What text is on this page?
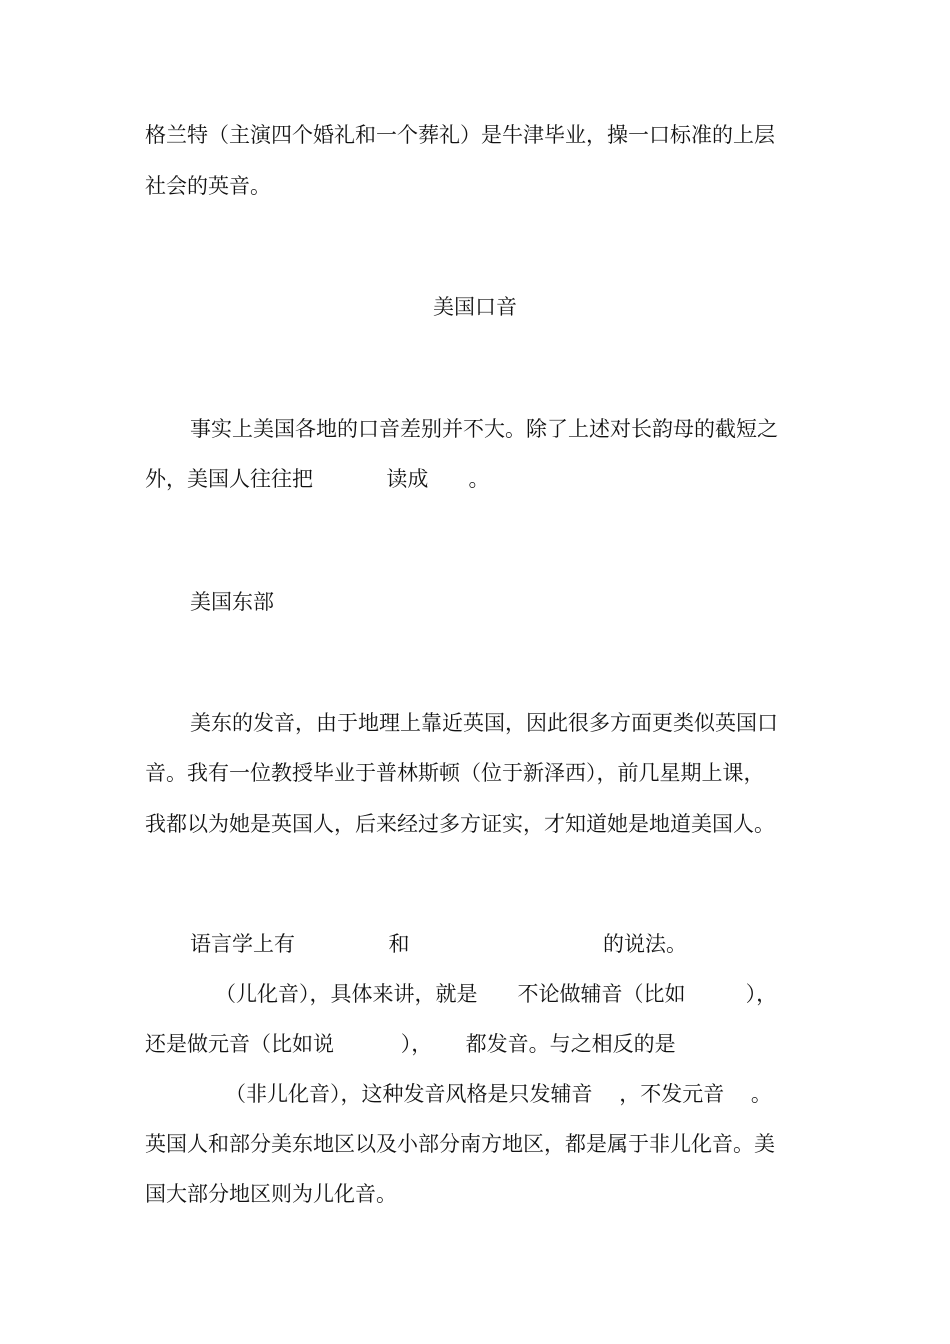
格兰特（主演四个婚礼和一个葬礼）是牛津毕业，操一口标准的上层

社会的英音。

美国口音

事实上美国各地的口音差别并不大。除了上述对长韵母的截短之

外，美国人往往把           读成      。

美国东部

美东的发音，由于地理上靠近英国，因此很多方面更类似英国口

音。我有一位教授毕业于普林斯顿（位于新泽西），前几星期上课，

我都以为她是英国人，后来经过多方证实，才知道她是地道美国人。

语言学上有              和                             的说法。

（儿化音），具体来讲，就是      不论做辅音（比如         ），

还是做元音（比如说          ），     都发音。与之相反的是

（非儿化音），这种发音风格是只发辅音    ，不发元音    。

英国人和部分美东地区以及小部分南方地区，都是属于非儿化音。美

国大部分地区则为儿化音。
